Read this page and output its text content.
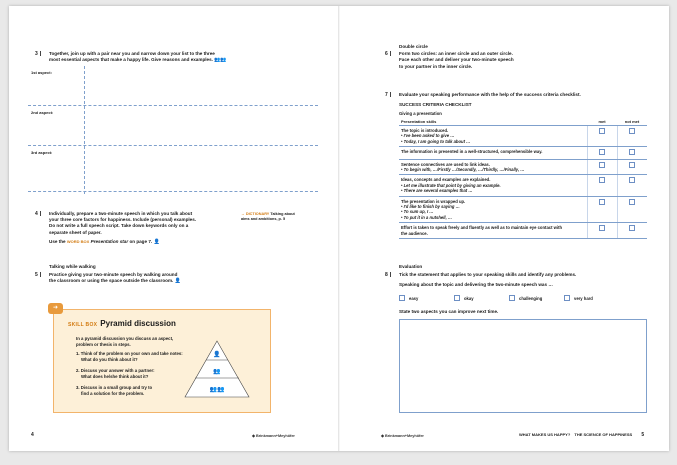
3	Together, join up with a pair near you and narrow down your list to the three
most essential aspects that make a happy life. Give reasons and examples. 👥👥
1st aspect:
2nd aspect:
3rd aspect:
4	Individually, prepare a two-minute speech in which you talk about
your three core factors for happiness. Include (personal) examples.
Do not write a full speech script. Take down keywords only on a
separate sheet of paper.
Use the WORD BOX Presentation star on page 7. 👤
→ DICTIONARY Talking about
aims and ambitions, p. 5
Talking while walking
5	Practice giving your two-minute speech by walking around
the classroom or using the space outside the classroom. 👤
➜
SKILL BOX Pyramid discussion
In a pyramid discussion you discuss an aspect,
problem or thesis in steps.
1. Think of the problem on your own and take notes:
What do you think about it?
2. Discuss your answer with a partner:
What does he/she think about it?
3. Discuss in a small group and try to
find a solution for the problem.
👤
👥
👥👥
4	◆ Brinkmann+Meyhöfer
Double circle
6	Form two circles: an inner circle and an outer circle.
Face each other and deliver your two-minute speech
to your partner in the inner circle.
7	Evaluate your speaking performance with the help of the success criteria checklist.
SUCCESS CRITERIA CHECKLIST
Giving a presentation
Presentation skills	met	not met
The topic is introduced.
• I've been asked to give …
• Today, I am going to talk about …		

The information is presented in a well-structured, comprehensible way.		
Sentence connectives are used to link ideas.
• To begin with, …/Firstly …/Secondly, …/Thirdly, …/Finally, …		

Ideas, concepts and examples are explained.
• Let me illustrate that point by giving an example.
• There are several examples that …		

The presentation is wrapped up.
• I'd like to finish by saying …
• To sum up, I …
• To put it in a nutshell, …		

Effort is taken to speak freely and fluently as well as to maintain eye contact with
the audience.		

Evaluation
8	Tick the statement that applies to your speaking skills and identify any problems.
Speaking about the topic and delivering the two-minute speech was …
easy	okay	challenging	very hard
State two aspects you can improve next time.
◆ Brinkmann+Meyhöfer	WHAT MAKES US HAPPY? THE SCIENCE OF HAPPINESS 5
